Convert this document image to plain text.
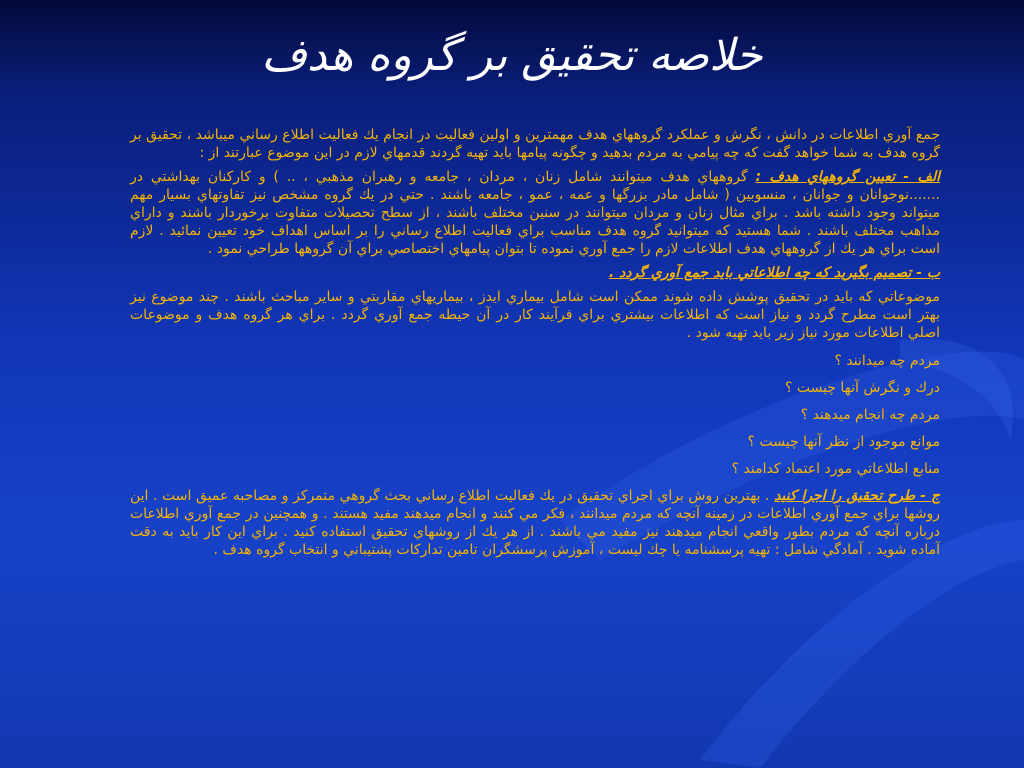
خلاصه تحقيق بر گروه هدف

جمع آوري اطلاعات در دانش ، نگرش و عملكرد گروههاي هدف مهمترين و اولين فعاليت در انجام يك فعاليت اطلاع رساني ميباشد ، تحقيق بر گروه هدف به شما خواهد گفت كه چه پيامي به مردم بدهيد و چگونه پيامها بايد تهيه گردند قدمهاي لازم در اين موضوع عبارتند از :

الف - تعيين گروههاي هدف : گروههاي هدف ميتوانند شامل زنان ، مردان ، جامعه و رهبران مذهبي ، .. ) و كاركنان بهداشتي در .......نوجوانان و جوانان ، منسوبين ( شامل مادر بزرگها و عمه ، عمو ، جامعه باشند . حتي در يك گروه مشخص نيز تفاوتهاي بسيار مهم ميتواند وجود داشته باشد . براي مثال زنان و مردان ميتوانند در سنين مختلف باشند ، از سطح تحصيلات متفاوت برخوردار باشند و داراي مذاهب مختلف باشند . شما هستيد كه ميتوانيد گروه هدف مناسب براي فعاليت اطلاع رساني را بر اساس اهداف خود تعيين نمائيد . لازم است براي هر يك از گروههاي هدف اطلاعات لازم را جمع آوري نموده تا بتوان پيامهاي اختصاصي براي آن گروهها طراحي نمود .

ب - تصميم بگيريد كه چه اطلاعاتي بايد جمع آوري گردد .

موضوعاتي كه بايد در تحقيق پوشش داده شوند ممكن است شامل بيماري ايدز ، بيماريهاي مقاربتي و ساير مباحث باشند . چند موضوع نيز بهتر است مطرح گردد و نياز است كه اطلاعات بيشتري براي فرآيند كار در آن حيطه جمع آوري گردد . براي هر گروه هدف و موضوعات اصلي اطلاعات مورد نياز زير بايد تهيه شود .

مردم چه ميدانند ؟

درك و نگرش آنها چيست ؟

مردم چه انجام ميدهند ؟

موانع موجود از نظر آنها چيست ؟

منابع اطلاعاتي مورد اعتماد كدامند ؟

ج - طرح تحقيق را اجرا كنيد . بهترين روش براي اجراي تحقيق در يك فعاليت اطلاع رساني بحث گروهي متمركز و مصاحبه عميق است . اين روشها براي جمع آوري اطلاعات در زمينه آنچه كه مردم ميدانند ، فكر مي كنند و انجام ميدهند مفيد هستند . و همچنين در جمع آوري اطلاعات درباره آنچه كه مردم بطور واقعي انجام ميدهند نيز مفيد مي باشند . از هر يك از روشهاي تحقيق استفاده كنيد . براي اين كار بايد به دقت آماده شويد . آمادگي شامل : تهيه پرسشنامه يا چك ليست ، آموزش پرسشگران تامين تداركات پشتيباني و انتخاب گروه هدف .
